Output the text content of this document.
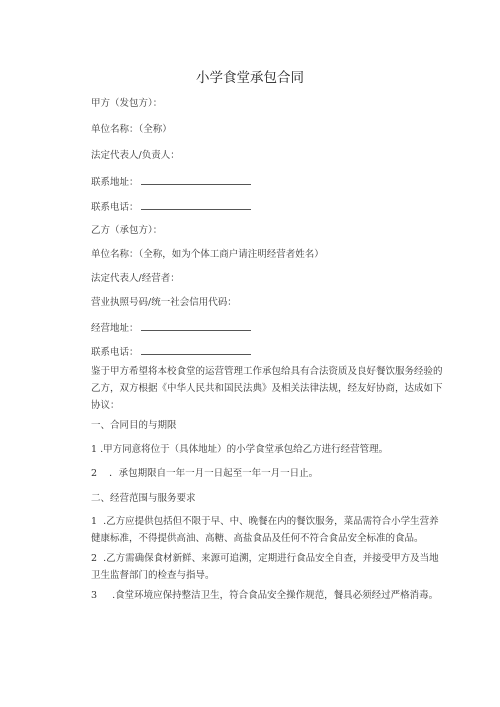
小学食堂承包合同
甲方（发包方）：
单位名称：（全称）
法定代表人/负责人：
联系地址：
联系电话：
乙方（承包方）：
单位名称：（全称，如为个体工商户请注明经营者姓名）
法定代表人/经营者：
营业执照号码/统一社会信用代码：
经营地址：
联系电话：
鉴于甲方希望将本校食堂的运营管理工作承包给具有合法资质及良好餐饮服务经验的乙方，双方根据《中华人民共和国民法典》及相关法律法规，经友好协商，达成如下协议：
一、合同目的与期限
1 .甲方同意将位于（具体地址）的小学食堂承包给乙方进行经营管理。
2 ．承包期限自一年一月一日起至一年一月一日止。
二、经营范围与服务要求
1 .乙方应提供包括但不限于早、中、晚餐在内的餐饮服务，菜品需符合小学生营养健康标准，不得提供高油、高糖、高盐食品及任何不符合食品安全标准的食品。
2 .乙方需确保食材新鲜、来源可追溯，定期进行食品安全自查，并接受甲方及当地卫生监督部门的检查与指导。
3 .食堂环境应保持整洁卫生，符合食品安全操作规范，餐具必须经过严格消毒。
